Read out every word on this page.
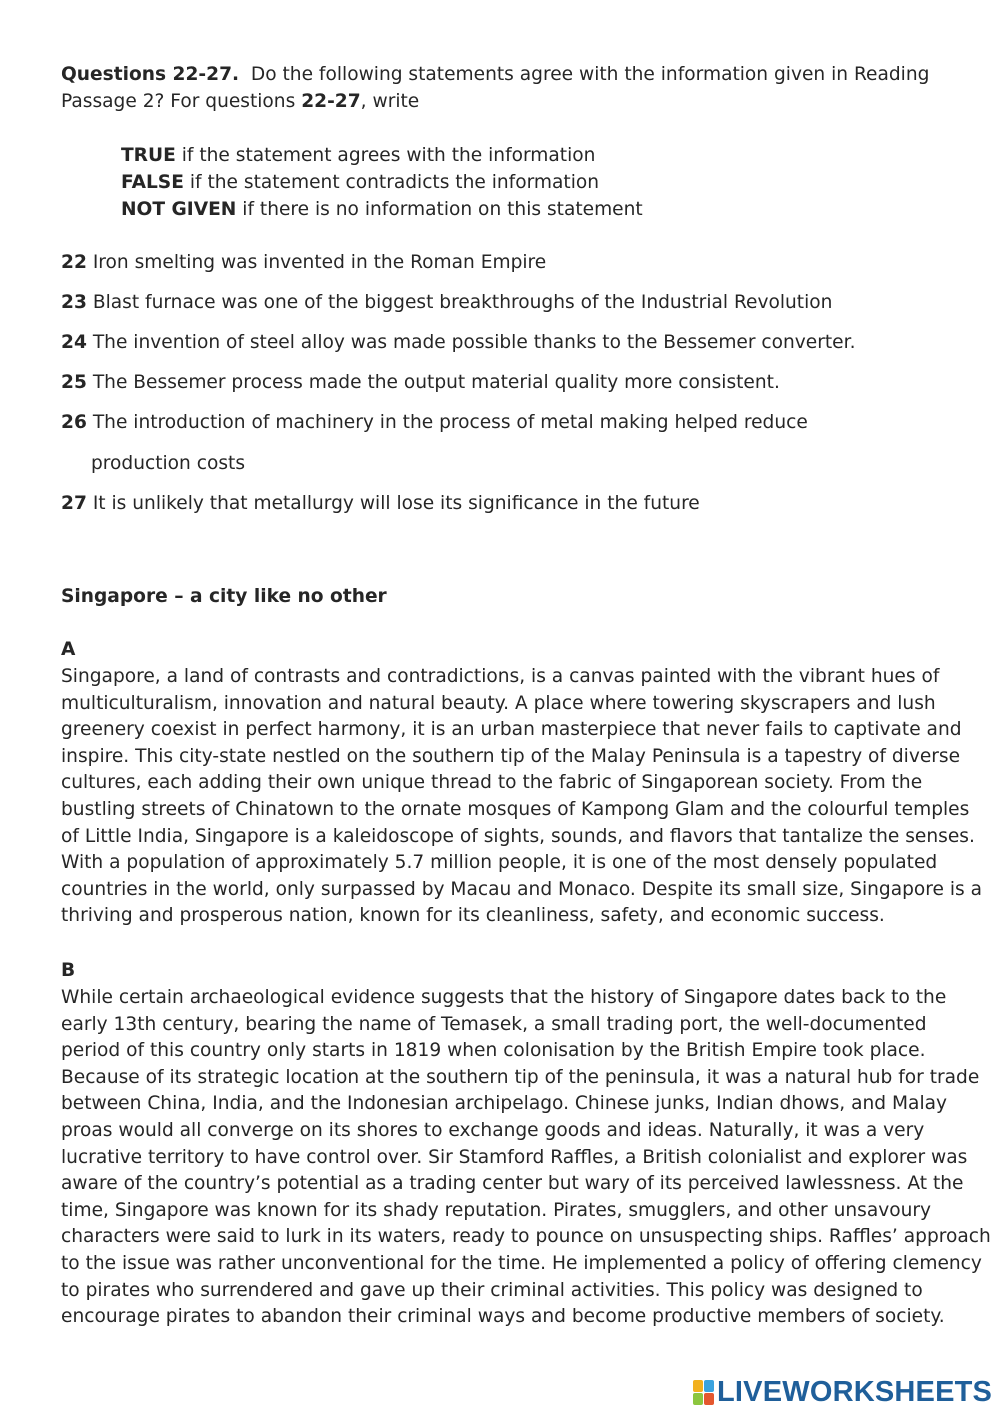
Questions 22-27. Do the following statements agree with the information given in Reading
Passage 2? For questions 22-27, write
TRUE if the statement agrees with the information
FALSE if the statement contradicts the information
NOT GIVEN if there is no information on this statement
22 Iron smelting was invented in the Roman Empire
23 Blast furnace was one of the biggest breakthroughs of the Industrial Revolution
24 The invention of steel alloy was made possible thanks to the Bessemer converter.
25 The Bessemer process made the output material quality more consistent.
26 The introduction of machinery in the process of metal making helped reduce
production costs
27 It is unlikely that metallurgy will lose its significance in the future
Singapore – a city like no other
A
Singapore, a land of contrasts and contradictions, is a canvas painted with the vibrant hues of
multiculturalism, innovation and natural beauty. A place where towering skyscrapers and lush
greenery coexist in perfect harmony, it is an urban masterpiece that never fails to captivate and
inspire. This city-state nestled on the southern tip of the Malay Peninsula is a tapestry of diverse
cultures, each adding their own unique thread to the fabric of Singaporean society. From the
bustling streets of Chinatown to the ornate mosques of Kampong Glam and the colourful temples
of Little India, Singapore is a kaleidoscope of sights, sounds, and flavors that tantalize the senses.
With a population of approximately 5.7 million people, it is one of the most densely populated
countries in the world, only surpassed by Macau and Monaco. Despite its small size, Singapore is a
thriving and prosperous nation, known for its cleanliness, safety, and economic success.
B
While certain archaeological evidence suggests that the history of Singapore dates back to the
early 13th century, bearing the name of Temasek, a small trading port, the well-documented
period of this country only starts in 1819 when colonisation by the British Empire took place.
Because of its strategic location at the southern tip of the peninsula, it was a natural hub for trade
between China, India, and the Indonesian archipelago. Chinese junks, Indian dhows, and Malay
proas would all converge on its shores to exchange goods and ideas. Naturally, it was a very
lucrative territory to have control over. Sir Stamford Raffles, a British colonialist and explorer was
aware of the country’s potential as a trading center but wary of its perceived lawlessness. At the
time, Singapore was known for its shady reputation. Pirates, smugglers, and other unsavoury
characters were said to lurk in its waters, ready to pounce on unsuspecting ships. Raffles’ approach
to the issue was rather unconventional for the time. He implemented a policy of offering clemency
to pirates who surrendered and gave up their criminal activities. This policy was designed to
encourage pirates to abandon their criminal ways and become productive members of society.
LIVEWORKSHEETS
